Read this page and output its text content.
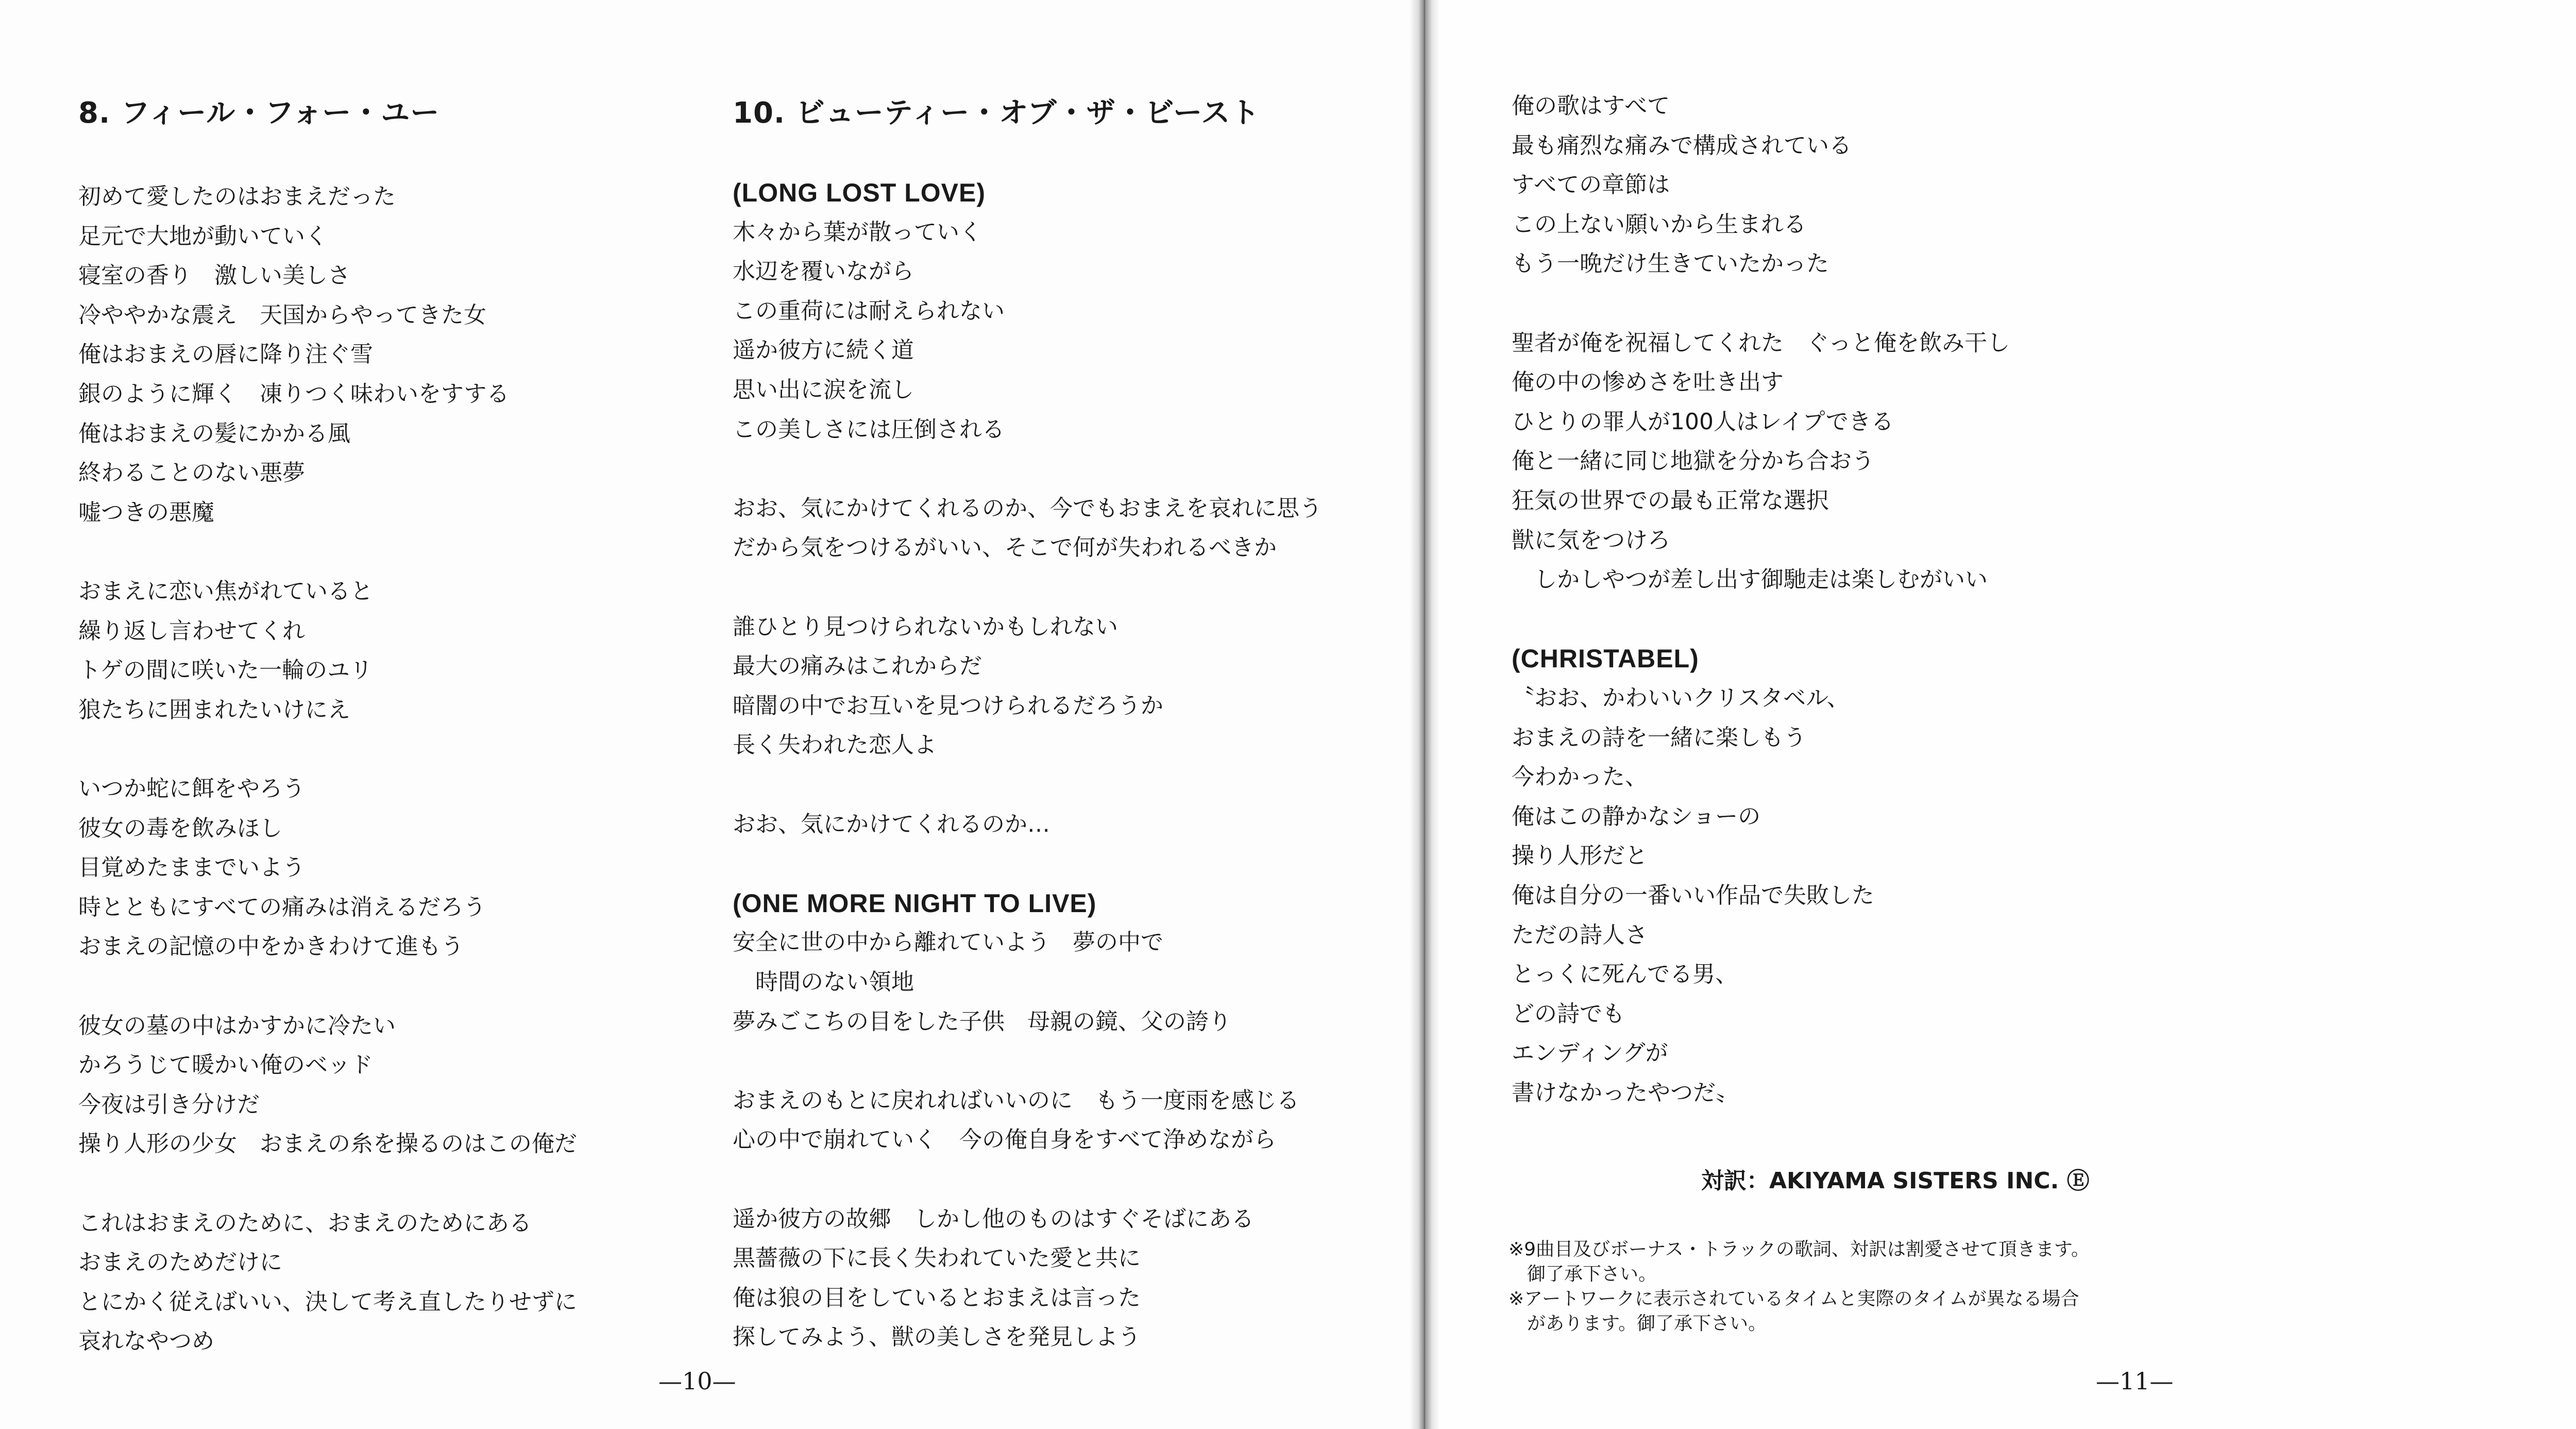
8. フィール・フォー・ユー
初めて愛したのはおまえだった
足元で大地が動いていく
寝室の香り　激しい美しさ
冷ややかな震え　天国からやってきた女
俺はおまえの唇に降り注ぐ雪
銀のように輝く　凍りつく味わいをすする
俺はおまえの髪にかかる風
終わることのない悪夢
嘘つきの悪魔
おまえに恋い焦がれていると
繰り返し言わせてくれ
トゲの間に咲いた一輪のユリ
狼たちに囲まれたいけにえ
いつか蛇に餌をやろう
彼女の毒を飲みほし
目覚めたままでいよう
時とともにすべての痛みは消えるだろう
おまえの記憶の中をかきわけて進もう
彼女の墓の中はかすかに冷たい
かろうじて暖かい俺のベッド
今夜は引き分けだ
操り人形の少女　おまえの糸を操るのはこの俺だ
これはおまえのために、おまえのためにある
おまえのためだけに
とにかく従えばいい、決して考え直したりせずに
哀れなやつめ
10. ビューティー・オブ・ザ・ビースト
(LONG LOST LOVE)
木々から葉が散っていく
水辺を覆いながら
この重荷には耐えられない
遥か彼方に続く道
思い出に涙を流し
この美しさには圧倒される
おお、気にかけてくれるのか、今でもおまえを哀れに思う
だから気をつけるがいい、そこで何が失われるべきか
誰ひとり見つけられないかもしれない
最大の痛みはこれからだ
暗闇の中でお互いを見つけられるだろうか
長く失われた恋人よ
おお、気にかけてくれるのか…
(ONE MORE NIGHT TO LIVE)
安全に世の中から離れていよう　夢の中で
　時間のない領地
夢みごこちの目をした子供　母親の鏡、父の誇り
おまえのもとに戻れればいいのに　もう一度雨を感じる
心の中で崩れていく　今の俺自身をすべて浄めながら
遥か彼方の故郷　しかし他のものはすぐそばにある
黒薔薇の下に長く失われていた愛と共に
俺は狼の目をしているとおまえは言った
探してみよう、獣の美しさを発見しよう
—10—
俺の歌はすべて
最も痛烈な痛みで構成されている
すべての章節は
この上ない願いから生まれる
もう一晩だけ生きていたかった
聖者が俺を祝福してくれた　ぐっと俺を飲み干し
俺の中の惨めさを吐き出す
ひとりの罪人が100人はレイプできる
俺と一緒に同じ地獄を分かち合おう
狂気の世界での最も正常な選択
獣に気をつけろ
　しかしやつが差し出す御馳走は楽しむがいい
(CHRISTABEL)
〝おお、かわいいクリスタベル、
おまえの詩を一緒に楽しもう
今わかった、
俺はこの静かなショーの
操り人形だと
俺は自分の一番いい作品で失敗した
ただの詩人さ
とっくに死んでる男、
どの詩でも
エンディングが
書けなかったやつだ〟
対訳：AKIYAMA SISTERS INC. Ⓔ
※9曲目及びボーナス・トラックの歌詞、対訳は割愛させて頂きます。
　御了承下さい。
※アートワークに表示されているタイムと実際のタイムが異なる場合
　があります。御了承下さい。
—11—
